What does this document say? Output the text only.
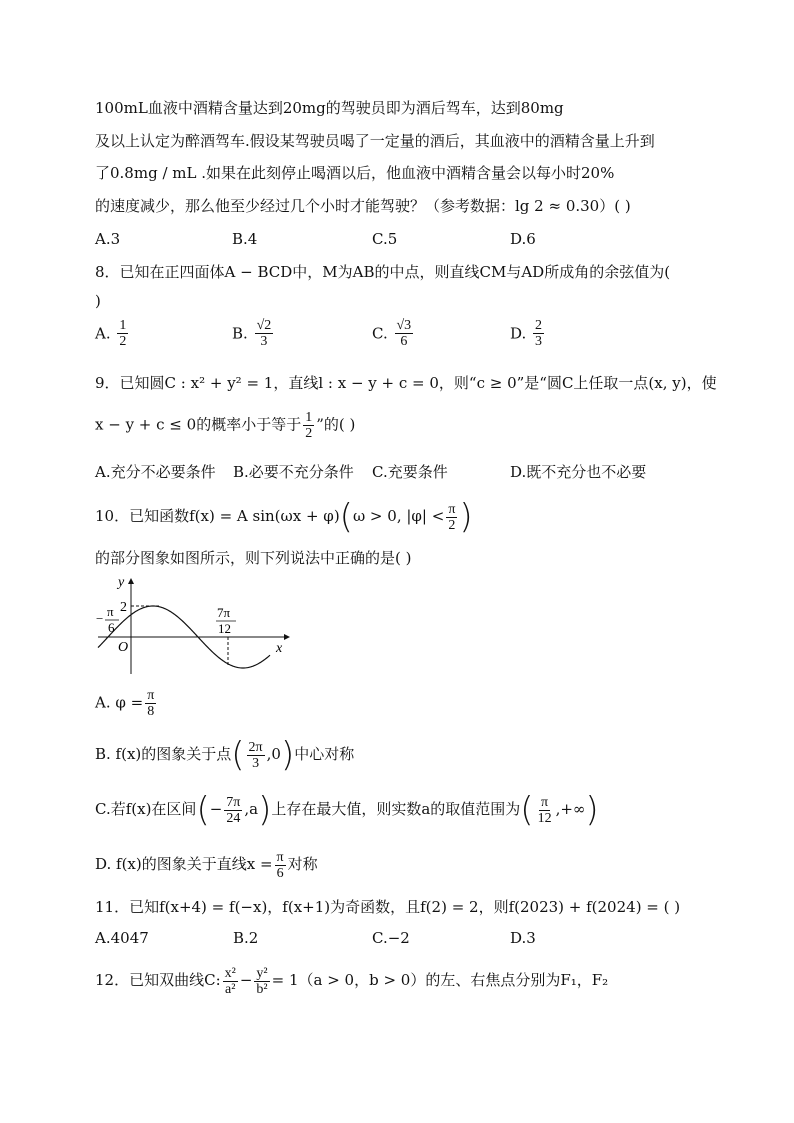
100mL血液中酒精含量达到20mg的驾驶员即为酒后驾车，达到80mg
及以上认定为醉酒驾车.假设某驾驶员喝了一定量的酒后，其血液中的酒精含量上升到
了0.8mg / mL .如果在此刻停止喝酒以后，他血液中酒精含量会以每小时20%
的速度减少，那么他至少经过几个小时才能驾驶？（参考数据：lg 2 ≈ 0.30）( )
A.3	B.4	C.5	D.6
8．已知在正四面体A − BCD中，M为AB的中点，则直线CM与AD所成角的余弦值为(
)
A. $\frac{1}{2}$	B. $\frac{√2}{3}$	C. $\frac{√3}{6}$	D. $\frac{2}{3}$
9．已知圆C : x² + y² = 1，直线l : x − y + c = 0，则“c ≥ 0”是“圆C上任取一点(x, y)，使
x − y + c ≤ 0的概率小于等于 $\frac{1}{2}$ ”的( )
A.充分不必要条件 B.必要不充分条件 C.充要条件	D.既不充分也不必要
10．已知函数f(x) = A sin(ωx + φ)(ω > 0, $|\varphi| < \frac{\pi}{2}$ )
的部分图象如图所示，则下列说法中正确的是( )
y
x
O
2
− π
6
7π
12
A. $\varphi = \frac{\pi}{8}$
B. f(x)的图象关于点( $\frac{2\pi}{3} ,0$)中心对称
C.若f(x)在区间(− $\frac{7\pi}{24} ,a$)上存在最大值，则实数a的取值范围为( $\frac{\pi}{12}$ ,+∞)
D. f(x)的图象关于直线$x = \frac{\pi}{6}$ 对称
11．已知f(x+4) = f(−x)，f(x+1)为奇函数，且f(2) = 2，则f(2023) + f(2024) = ( )
A.4047	B.2	C.−2	D.3
12．已知双曲线C: $\frac{\text{x²}}{\text{a²}} - \frac{\text{y²}}{\text{b²}} = 1(a > 0$，b > 0）的左、右焦点分别为F₁，F₂
